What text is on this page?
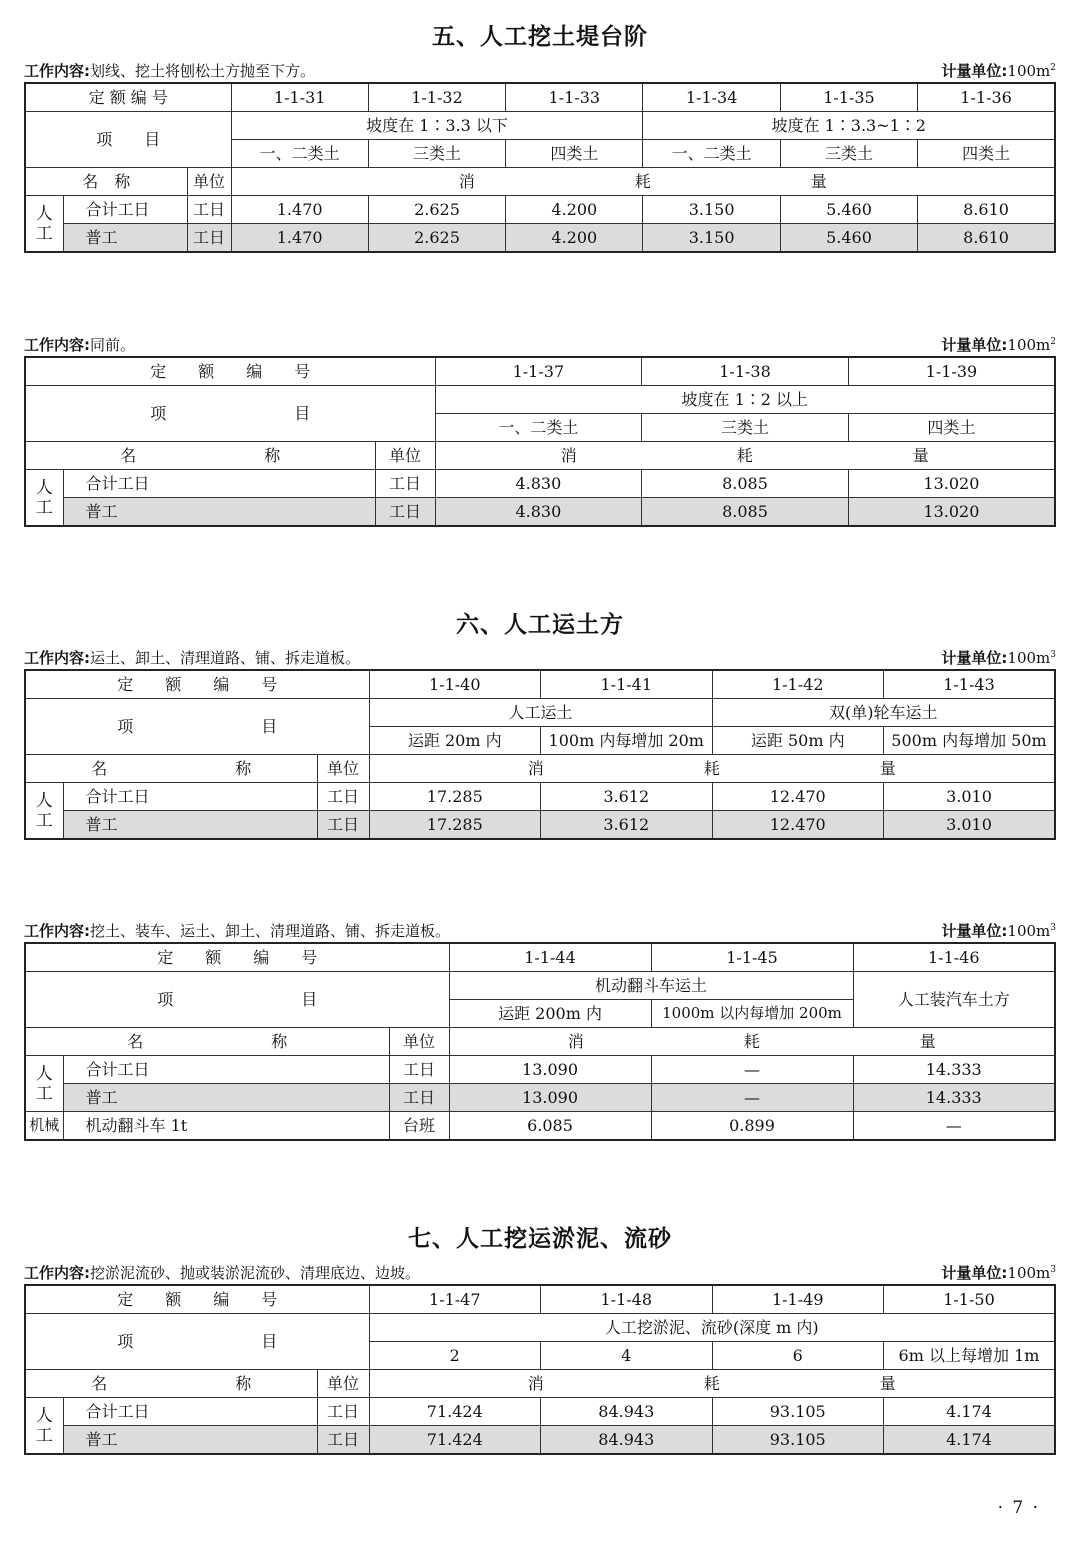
五、人工挖土堤台阶
工作内容:划线、挖土将刨松土方抛至下方。	计量单位$:100m^2$
定 额 编 号			1-1-31	1-1-32	1-1-33	1-1-34	1-1-35	1-1-36
项　　目			坡度在 1∶3.3 以下			坡度在 1∶3.3~1∶2		
			一、二类土	三类土	四类土	一、二类土	三类土	四类土
名　称		单位	消　　　　　　　　　　耗　　　　　　　　　　量					
人
工	合计工日	工日	1.470	2.625	4.200	3.150	5.460	8.610
	普工	工日	1.470	2.625	4.200	3.150	5.460	8.610
工作内容:同前。	计量单位$:100m^2$
定　　额　　编　　号			1-1-37	1-1-38	1-1-39
项　　　　　　　　目			坡度在 1∶2 以上		
			一、二类土	三类土	四类土
名　　　　　　　　称		单位	消　　　　　　　　　　耗　　　　　　　　　　量		
人
工	合计工日	工日	4.830	8.085	13.020
	普工	工日	4.830	8.085	13.020
六、人工运土方
工作内容:运土、卸土、清理道路、铺、拆走道板。	计量单位$:100m^3$
定　　额　　编　　号			1-1-40	1-1-41	1-1-42	1-1-43
项　　　　　　　　目			人工运土		双(单)轮车运土	
			运距 20m 内	100m 内每增加 20m	运距 50m 内	500m 内每增加 50m
名　　　　　　　　称		单位	消　　　　　　　　　　耗　　　　　　　　　　量			
人
工	合计工日	工日	17.285	3.612	12.470	3.010
	普工	工日	17.285	3.612	12.470	3.010
工作内容:挖土、装车、运土、卸土、清理道路、铺、拆走道板。	计量单位$:100m^3$
定　　额　　编　　号			1-1-44	1-1-45	1-1-46
项　　　　　　　　目			机动翻斗车运土		人工装汽车土方
			运距 200m 内	1000m 以内每增加 200m	
名　　　　　　　　称		单位	消　　　　　　　　　　耗　　　　　　　　　　量		
人
工	合计工日	工日	13.090	—	14.333
	普工	工日	13.090	—	14.333
机械	机动翻斗车 1t	台班	6.085	0.899	—
七、人工挖运淤泥、流砂
工作内容:挖淤泥流砂、抛或装淤泥流砂、清理底边、边坡。	计量单位$:100m^3$
定　　额　　编　　号			1-1-47	1-1-48	1-1-49	1-1-50
项　　　　　　　　目			人工挖淤泥、流砂(深度 m 内)			
			2	4	6	6m 以上每增加 1m
名　　　　　　　　称		单位	消　　　　　　　　　　耗　　　　　　　　　　量			
人
工	合计工日	工日	71.424	84.943	93.105	4.174
	普工	工日	71.424	84.943	93.105	4.174
· 7 ·
